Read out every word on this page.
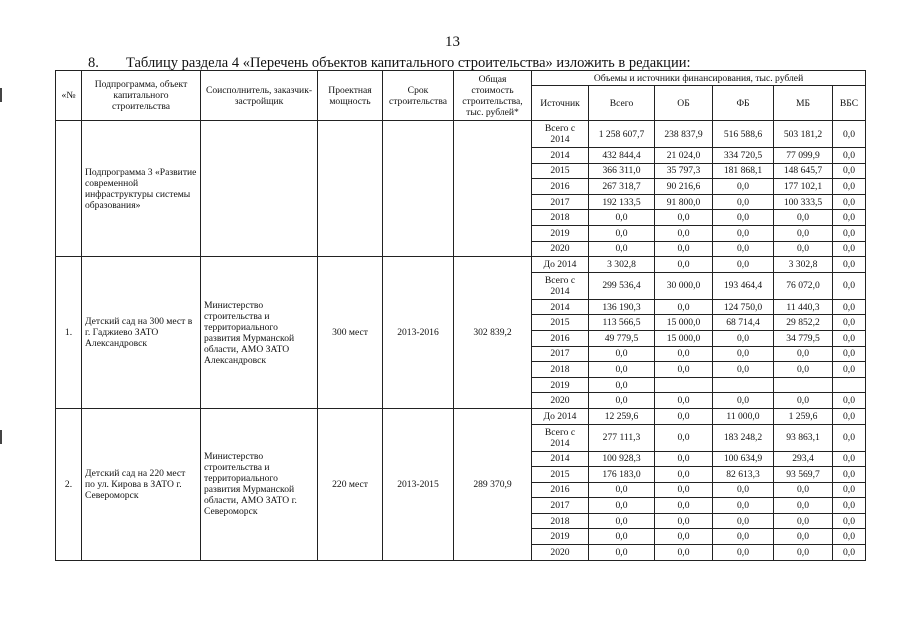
13
8. Таблицу раздела 4 «Перечень объектов капитального строительства» изложить в редакции:
«№	Подпрограмма, объект капитального строительства	Соисполнитель, заказчик-застройщик	Проектная мощность	Срок строительства	Общая стоимость строительства, тыс. рублей*	Объемы и источники финансирования, тыс. рублей					
						Источник	Всего	ОБ	ФБ	МБ	ВБС
	Подпрограмма 3 «Развитие современной инфраструктуры системы образования»					Всего с 2014	1 258 607,7	238 837,9	516 588,6	503 181,2	0,0
						2014	432 844,4	21 024,0	334 720,5	77 099,9	0,0
						2015	366 311,0	35 797,3	181 868,1	148 645,7	0,0
						2016	267 318,7	90 216,6	0,0	177 102,1	0,0
						2017	192 133,5	91 800,0	0,0	100 333,5	0,0
						2018	0,0	0,0	0,0	0,0	0,0
						2019	0,0	0,0	0,0	0,0	0,0
						2020	0,0	0,0	0,0	0,0	0,0
1.	Детский сад на 300 мест в г. Гаджиево ЗАТО Александровск	Министерство строительства и территориального развития Мурманской области, АМО ЗАТО Александровск	300 мест	2013-2016	302 839,2	До 2014	3 302,8	0,0	0,0	3 302,8	0,0
						Всего с 2014	299 536,4	30 000,0	193 464,4	76 072,0	0,0
						2014	136 190,3	0,0	124 750,0	11 440,3	0,0
						2015	113 566,5	15 000,0	68 714,4	29 852,2	0,0
						2016	49 779,5	15 000,0	0,0	34 779,5	0,0
						2017	0,0	0,0	0,0	0,0	0,0
						2018	0,0	0,0	0,0	0,0	0,0
						2019	0,0				
						2020	0,0	0,0	0,0	0,0	0,0
2.	Детский сад на 220 мест по ул. Кирова в ЗАТО г. Североморск	Министерство строительства и территориального развития Мурманской области, АМО ЗАТО г. Североморск	220 мест	2013-2015	289 370,9	До 2014	12 259,6	0,0	11 000,0	1 259,6	0,0
						Всего с 2014	277 111,3	0,0	183 248,2	93 863,1	0,0
						2014	100 928,3	0,0	100 634,9	293,4	0,0
						2015	176 183,0	0,0	82 613,3	93 569,7	0,0
						2016	0,0	0,0	0,0	0,0	0,0
						2017	0,0	0,0	0,0	0,0	0,0
						2018	0,0	0,0	0,0	0,0	0,0
						2019	0,0	0,0	0,0	0,0	0,0
						2020	0,0	0,0	0,0	0,0	0,0
